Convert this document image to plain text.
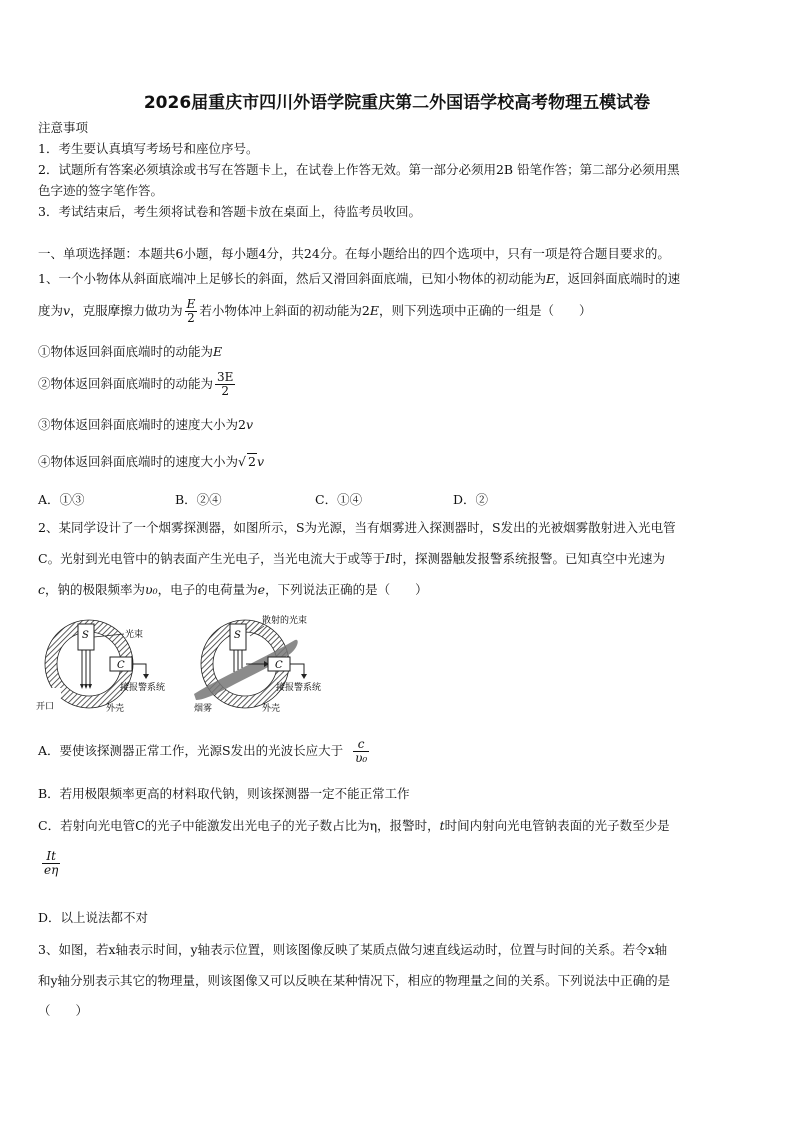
2026届重庆市四川外语学院重庆第二外国语学校高考物理五模试卷
注意事项
1．考生要认真填写考场号和座位序号。
2．试题所有答案必须填涂或书写在答题卡上，在试卷上作答无效。第一部分必须用2B 铅笔作答；第二部分必须用黑
色字迹的签字笔作答。
3．考试结束后，考生须将试卷和答题卡放在桌面上，待监考员收回。
一、单项选择题：本题共6小题，每小题4分，共24分。在每小题给出的四个选项中，只有一项是符合题目要求的。
1、一个小物体从斜面底端冲上足够长的斜面，然后又滑回斜面底端，已知小物体的初动能为E，返回斜面底端时的速
度为v，克服摩擦力做功为 $\frac{E}{2}$ 若小物体冲上斜面的初动能为2E，则下列选项中正确的一组是（　　）
①物体返回斜面底端时的动能为E
②物体返回斜面底端时的动能为 $\frac{3E}{2}$
③物体返回斜面底端时的速度大小为2v
④物体返回斜面底端时的速度大小为√ 2v
A．①③	B．②④	C．①④	D．②
2、某同学设计了一个烟雾探测器，如图所示，S为光源，当有烟雾进入探测器时，S发出的光被烟雾散射进入光电管
C。光射到光电管中的钠表面产生光电子，当光电流大于或等于I时，探测器触发报警系统报警。已知真空中光速为
c，钠的极限频率为υ₀，电子的电荷量为e，下列说法正确的是（　　）
S	光束
C
接报警系统
开口	外壳
S
散射的光束
C
接报警系统
烟雾	外壳
A．要使该探测器正常工作，光源S发出的光波长应大于 $\frac{c}{\text{υ₀}}$
B．若用极限频率更高的材料取代钠，则该探测器一定不能正常工作
C．若射向光电管C的光子中能激发出光电子的光子数占比为η，报警时，t时间内射向光电管钠表面的光子数至少是
$\frac{It}{e\eta}$
D．以上说法都不对
3、如图，若x轴表示时间，y轴表示位置，则该图像反映了某质点做匀速直线运动时，位置与时间的关系。若令x轴
和y轴分别表示其它的物理量，则该图像又可以反映在某种情况下，相应的物理量之间的关系。下列说法中正确的是
（　　）
